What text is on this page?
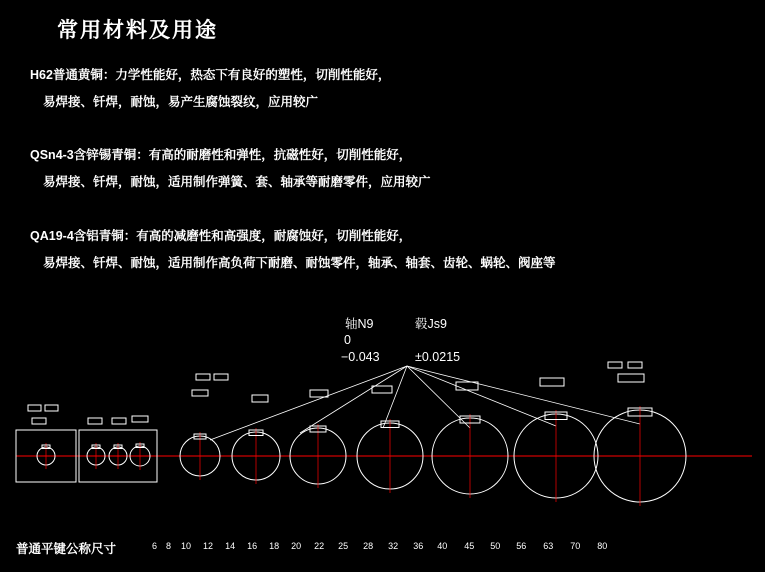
常用材料及用途
H62普通黄铜：力学性能好，热态下有良好的塑性，切削性能好，
易焊接、钎焊，耐蚀，易产生腐蚀裂纹，应用较广
QSn4-3含锌锡青铜：有高的耐磨性和弹性，抗磁性好，切削性能好，
易焊接、钎焊，耐蚀，适用制作弹簧、套、轴承等耐磨零件，应用较广
QA19-4含铝青铜：有高的减磨性和高强度，耐腐蚀好，切削性能好，
易焊接、钎焊、耐蚀，适用制作高负荷下耐磨、耐蚀零件，轴承、轴套、齿轮、蜗轮、阀座等
轴N9	毂Js9
0
−0.043	±0.0215
普通平键公称尺寸	6 8 10 12 14 16 18 20 22 25 28 32 36 40 45 50 56 63 70 80
